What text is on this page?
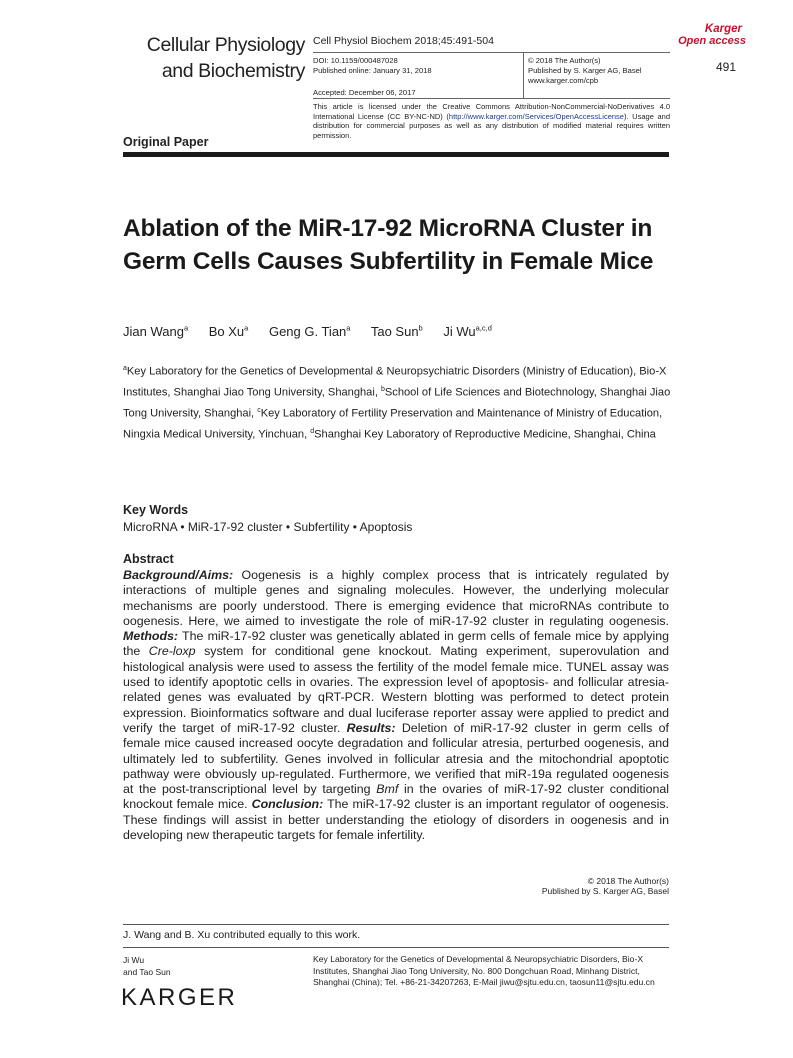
Cellular Physiology
and Biochemistry
Cell Physiol Biochem 2018;45:491-504
DOI: 10.1159/000487028
Published online: January 31, 2018
© 2018 The Author(s)
Published by S. Karger AG, Basel
www.karger.com/cpb
Accepted: December 06, 2017
Karger
Open access
491
This article is licensed under the Creative Commons Attribution-NonCommercial-NoDerivatives 4.0 International License (CC BY-NC-ND) (http://www.karger.com/Services/OpenAccessLicense). Usage and distribution for commercial purposes as well as any distribution of modified material requires written permission.
Original Paper
Ablation of the MiR-17-92 MicroRNA Cluster in Germ Cells Causes Subfertility in Female Mice
Jian Wang$^a$ Bo Xu$^a$ Geng G. Tian$^a$ Tao Sun$^b$ Ji Wu$^{a,c,d}$
$^a$Key Laboratory for the Genetics of Developmental & Neuropsychiatric Disorders (Ministry of Education), Bio-X Institutes, Shanghai Jiao Tong University, Shanghai, $^b$School of Life Sciences and Biotechnology, Shanghai Jiao Tong University, Shanghai, $^c$Key Laboratory of Fertility Preservation and Maintenance of Ministry of Education, Ningxia Medical University, Yinchuan, $^d$Shanghai Key Laboratory of Reproductive Medicine, Shanghai, China
Key Words
MicroRNA • MiR-17-92 cluster • Subfertility • Apoptosis
Abstract
Background/Aims: Oogenesis is a highly complex process that is intricately regulated by interactions of multiple genes and signaling molecules. However, the underlying molecular mechanisms are poorly understood. There is emerging evidence that microRNAs contribute to oogenesis. Here, we aimed to investigate the role of miR-17-92 cluster in regulating oogenesis. Methods: The miR-17-92 cluster was genetically ablated in germ cells of female mice by applying the Cre-loxp system for conditional gene knockout. Mating experiment, superovulation and histological analysis were used to assess the fertility of the model female mice. TUNEL assay was used to identify apoptotic cells in ovaries. The expression level of apoptosis- and follicular atresia- related genes was evaluated by qRT-PCR. Western blotting was performed to detect protein expression. Bioinformatics software and dual luciferase reporter assay were applied to predict and verify the target of miR-17-92 cluster. Results: Deletion of miR-17-92 cluster in germ cells of female mice caused increased oocyte degradation and follicular atresia, perturbed oogenesis, and ultimately led to subfertility. Genes involved in follicular atresia and the mitochondrial apoptotic pathway were obviously up-regulated. Furthermore, we verified that miR-19a regulated oogenesis at the post-transcriptional level by targeting Bmf in the ovaries of miR-17-92 cluster conditional knockout female mice. Conclusion: The miR-17-92 cluster is an important regulator of oogenesis. These findings will assist in better understanding the etiology of disorders in oogenesis and in developing new therapeutic targets for female infertility.
© 2018 The Author(s)
Published by S. Karger AG, Basel
J. Wang and B. Xu contributed equally to this work.
Ji Wu
and Tao Sun
Key Laboratory for the Genetics of Developmental & Neuropsychiatric Disorders, Bio-X Institutes, Shanghai Jiao Tong University, No. 800 Dongchuan Road, Minhang District, Shanghai (China); Tel. +86-21-34207263, E-Mail jiwu@sjtu.edu.cn, taosun11@sjtu.edu.cn
KARGER
